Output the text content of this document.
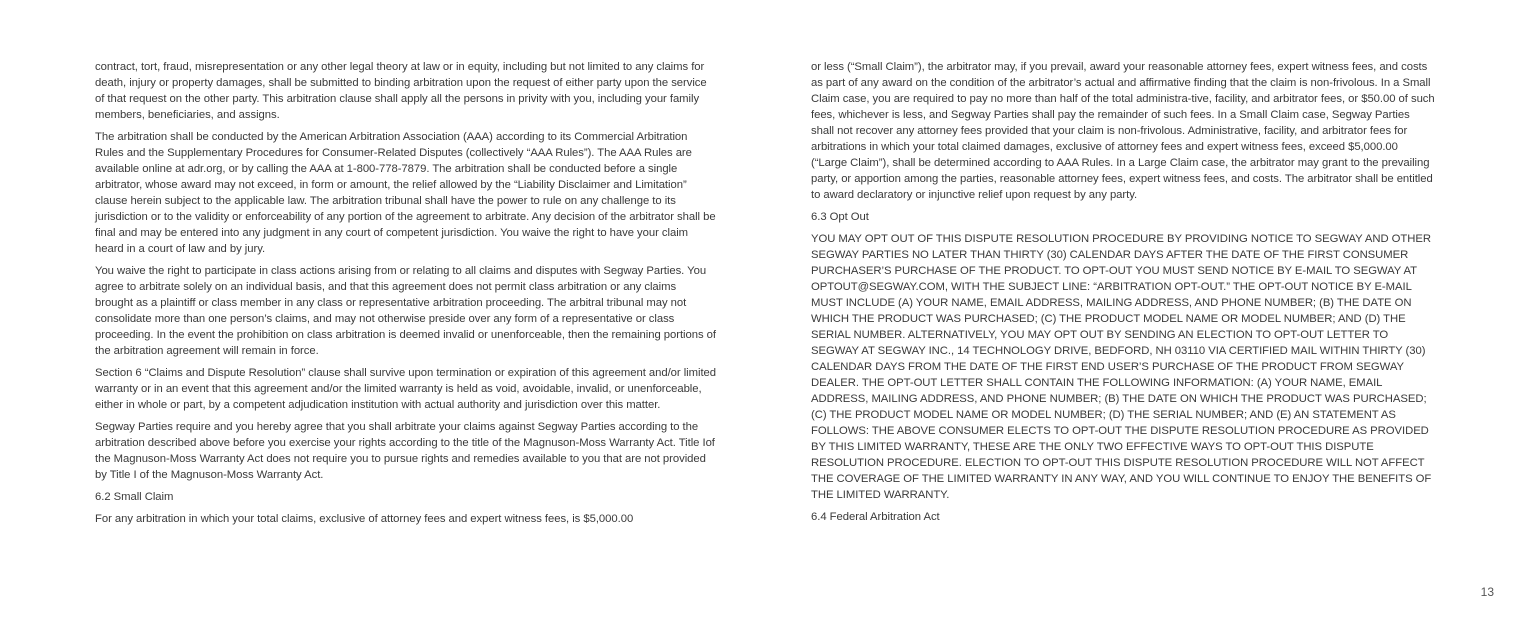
contract, tort, fraud, misrepresentation or any other legal theory at law or in equity, including but not limited to any claims for death, injury or property damages, shall be submitted to binding arbitration upon the request of either party upon the service of that request on the other party. This arbitration clause shall apply all the persons in privity with you, including your family members, beneficiaries, and assigns.

The arbitration shall be conducted by the American Arbitration Association (AAA) according to its Commercial Arbitration Rules and the Supplementary Procedures for Consumer-Related Disputes (collectively “AAA Rules”). The AAA Rules are available online at adr.org, or by calling the AAA at 1-800-778-7879. The arbitration shall be conducted before a single arbitrator, whose award may not exceed, in form or amount, the relief allowed by the “Liability Disclaimer and Limitation” clause herein subject to the applicable law. The arbitration tribunal shall have the power to rule on any challenge to its jurisdiction or to the validity or enforceability of any portion of the agreement to arbitrate. Any decision of the arbitrator shall be final and may be entered into any judgment in any court of competent jurisdiction. You waive the right to have your claim heard in a court of law and by jury.

You waive the right to participate in class actions arising from or relating to all claims and disputes with Segway Parties. You agree to arbitrate solely on an individual basis, and that this agreement does not permit class arbitration or any claims brought as a plaintiff or class member in any class or representative arbitration proceeding. The arbitral tribunal may not consolidate more than one person’s claims, and may not otherwise preside over any form of a representative or class proceeding. In the event the prohibition on class arbitration is deemed invalid or unenforceable, then the remaining portions of the arbitration agreement will remain in force.

Section 6 “Claims and Dispute Resolution” clause shall survive upon termination or expiration of this agreement and/or limited warranty or in an event that this agreement and/or the limited warranty is held as void, avoidable, invalid, or unenforceable, either in whole or part, by a competent adjudication institution with actual authority and jurisdiction over this matter.

Segway Parties require and you hereby agree that you shall arbitrate your claims against Segway Parties according to the arbitration described above before you exercise your rights according to the title of the Magnuson-Moss Warranty Act. Title Iof the Magnuson-Moss Warranty Act does not require you to pursue rights and remedies available to you that are not provided by Title I of the Magnuson-Moss Warranty Act.

6.2 Small Claim

For any arbitration in which your total claims, exclusive of attorney fees and expert witness fees, is $5,000.00

or less (“Small Claim”), the arbitrator may, if you prevail, award your reasonable attorney fees, expert witness fees, and costs as part of any award on the condition of the arbitrator’s actual and affirmative finding that the claim is non-frivolous. In a Small Claim case, you are required to pay no more than half of the total administra-tive, facility, and arbitrator fees, or $50.00 of such fees, whichever is less, and Segway Parties shall pay the remainder of such fees. In a Small Claim case, Segway Parties shall not recover any attorney fees provided that your claim is non-frivolous. Administrative, facility, and arbitrator fees for arbitrations in which your total claimed damages, exclusive of attorney fees and expert witness fees, exceed $5,000.00 (“Large Claim”), shall be determined according to AAA Rules. In a Large Claim case, the arbitrator may grant to the prevailing party, or apportion among the parties, reasonable attorney fees, expert witness fees, and costs. The arbitrator shall be entitled to award declaratory or injunctive relief upon request by any party.

6.3 Opt Out

YOU MAY OPT OUT OF THIS DISPUTE RESOLUTION PROCEDURE BY PROVIDING NOTICE TO SEGWAY AND OTHER SEGWAY PARTIES NO LATER THAN THIRTY (30) CALENDAR DAYS AFTER THE DATE OF THE FIRST CONSUMER PURCHASER’S PURCHASE OF THE PRODUCT. TO OPT-OUT YOU MUST SEND NOTICE BY E-MAIL TO SEGWAY AT OPTOUT@SEGWAY.COM, WITH THE SUBJECT LINE: “ARBITRATION OPT-OUT.” THE OPT-OUT NOTICE BY E-MAIL MUST INCLUDE (A) YOUR NAME, EMAIL ADDRESS, MAILING ADDRESS, AND PHONE NUMBER; (B) THE DATE ON WHICH THE PRODUCT WAS PURCHASED; (C) THE PRODUCT MODEL NAME OR MODEL NUMBER; AND (D) THE SERIAL NUMBER. ALTERNATIVELY, YOU MAY OPT OUT BY SENDING AN ELECTION TO OPT-OUT LETTER TO SEGWAY AT SEGWAY INC., 14 TECHNOLOGY DRIVE, BEDFORD, NH 03110 VIA CERTIFIED MAIL WITHIN THIRTY (30) CALENDAR DAYS FROM THE DATE OF THE FIRST END USER’S PURCHASE OF THE PRODUCT FROM SEGWAY DEALER. THE OPT-OUT LETTER SHALL CONTAIN THE FOLLOWING INFORMATION: (A) YOUR NAME, EMAIL ADDRESS, MAILING ADDRESS, AND PHONE NUMBER; (B) THE DATE ON WHICH THE PRODUCT WAS PURCHASED; (C) THE PRODUCT MODEL NAME OR MODEL NUMBER; (D) THE SERIAL NUMBER; AND (E) AN STATEMENT AS FOLLOWS: THE ABOVE CONSUMER ELECTS TO OPT-OUT THE DISPUTE RESOLUTION PROCEDURE AS PROVIDED BY THIS LIMITED WARRANTY, THESE ARE THE ONLY TWO EFFECTIVE WAYS TO OPT-OUT THIS DISPUTE RESOLUTION PROCEDURE. ELECTION TO OPT-OUT THIS DISPUTE RESOLUTION PROCEDURE WILL NOT AFFECT THE COVERAGE OF THE LIMITED WARRANTY IN ANY WAY, AND YOU WILL CONTINUE TO ENJOY THE BENEFITS OF THE LIMITED WARRANTY.

6.4 Federal Arbitration Act

13
